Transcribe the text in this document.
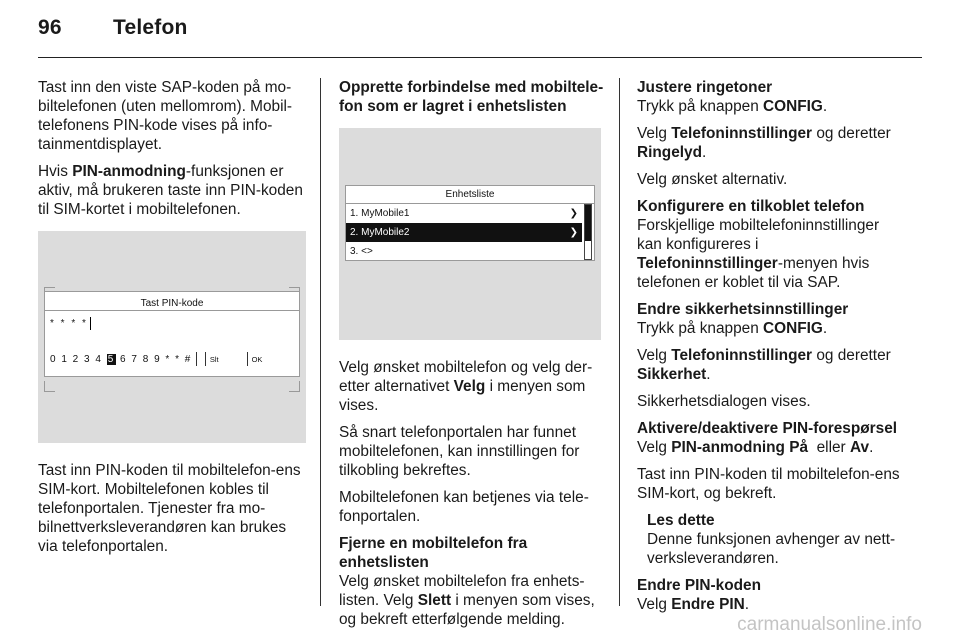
96 Telefon

Tast inn den viste SAP-koden på mo-biltelefonen (uten mellomrom). Mobil-telefonens PIN-kode vises på info-tainmentdisplayet.

Hvis PIN-anmodning-funksjonen er aktiv, må brukeren taste inn PIN-koden til SIM-kortet i mobiltelefonen.

Tast PIN-kode
* * * *
0 1 2 3 4 5 6 7 8 9 * * # Slt	OK

Tast inn PIN-koden til mobiltelefon-ens SIM-kort. Mobiltelefonen kobles til telefonportalen. Tjenester fra mo-bilnettverksleverandøren kan brukes via telefonportalen.

Opprette forbindelse med mobiltele-fon som er lagret i enhetslisten

Enhetsliste
1. MyMobile1	❯
2. MyMobile2	❯
3. <>

Velg ønsket mobiltelefon og velg der-etter alternativet Velg i menyen som vises.

Så snart telefonportalen har funnet mobiltelefonen, kan innstillingen for tilkobling bekreftes.

Mobiltelefonen kan betjenes via tele-fonportalen.

Fjerne en mobiltelefon fra enhetslisten

Velg ønsket mobiltelefon fra enhets-listen. Velg Slett i menyen som vises, og bekreft etterfølgende melding.

Justere ringetoner

Trykk på knappen CONFIG.

Velg Telefoninnstillinger og deretter Ringelyd.

Velg ønsket alternativ.

Konfigurere en tilkoblet telefon

Forskjellige mobiltelefoninnstillinger kan konfigureres i Telefoninnstillinger-menyen hvis telefonen er koblet til via SAP.

Endre sikkerhetsinnstillinger

Trykk på knappen CONFIG.

Velg Telefoninnstillinger og deretter Sikkerhet.

Sikkerhetsdialogen vises.

Aktivere/deaktivere PIN-forespørsel

Velg PIN-anmodning På  eller Av.

Tast inn PIN-koden til mobiltelefon-ens SIM-kort, og bekreft.

Les dette
Denne funksjonen avhenger av nett-verksleverandøren.

Endre PIN-koden

Velg Endre PIN.

carmanualsonline.info
